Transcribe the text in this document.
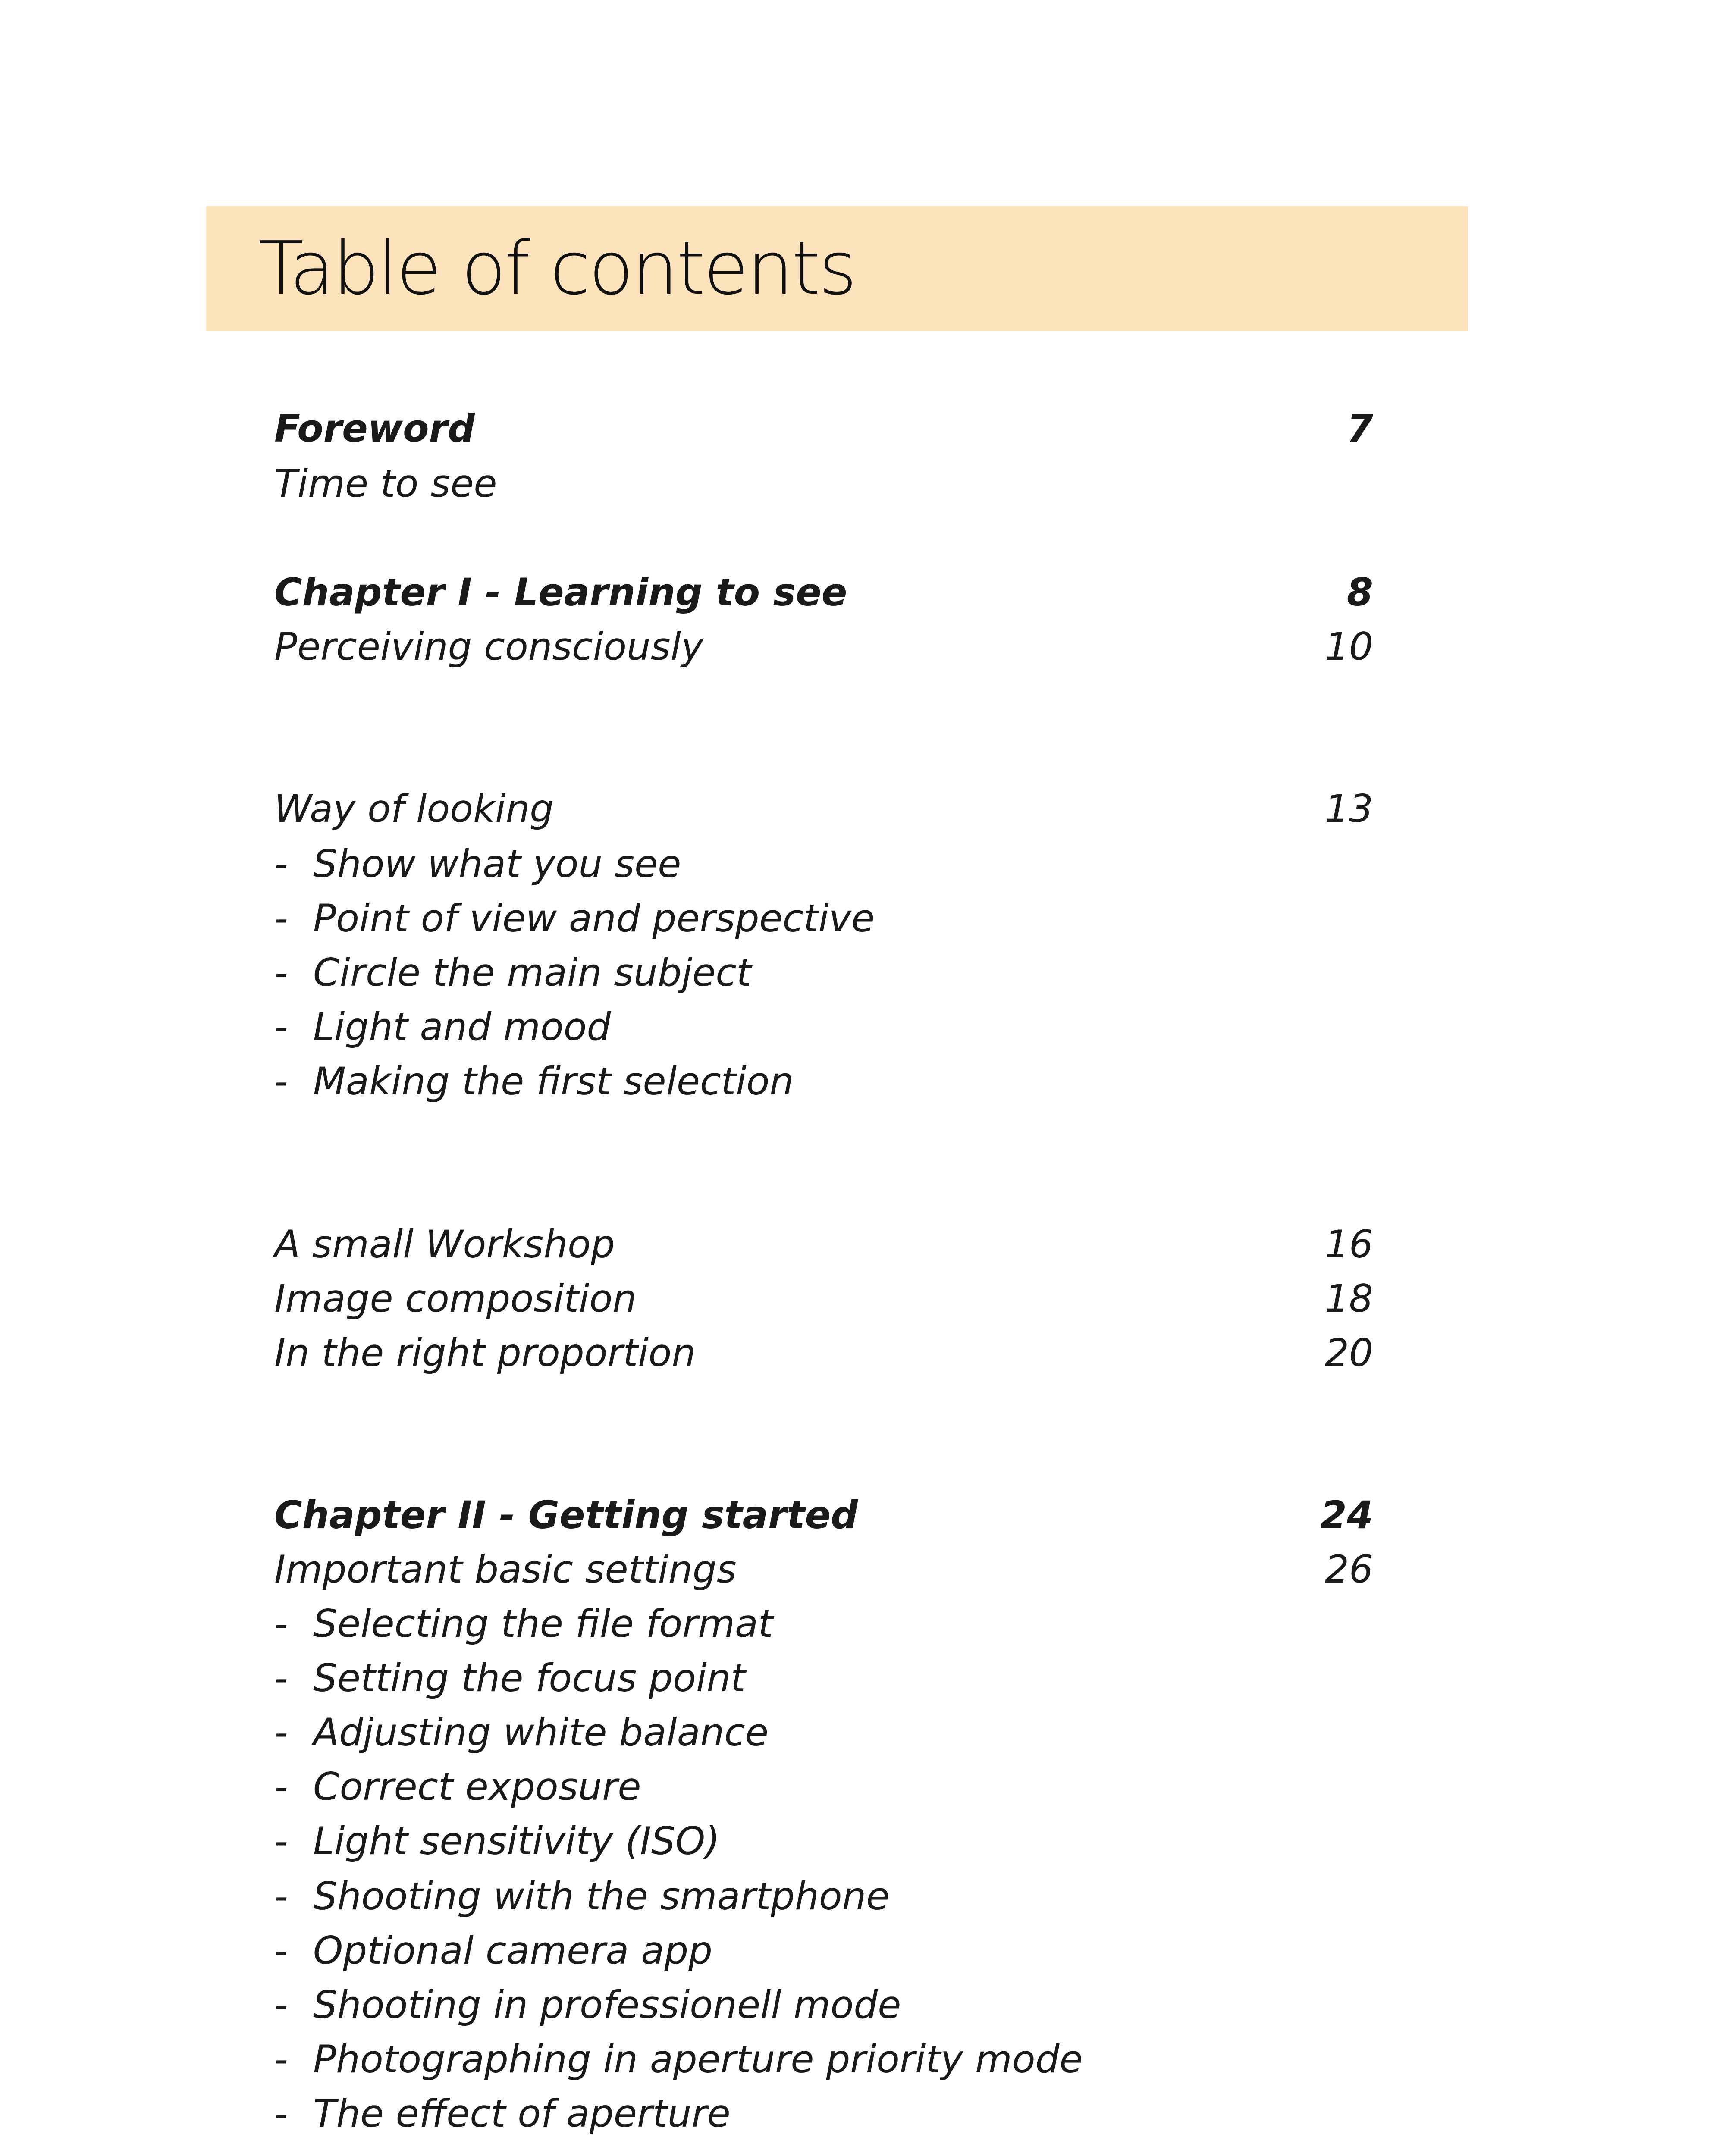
Table of contents
Foreword	7
Time to see
Chapter I - Learning to see	8
Perceiving consciously	10
Way of looking	13
- Show what you see
- Point of view and perspective
- Circle the main subject
- Light and mood
- Making the first selection
A small Workshop	16
Image composition	18
In the right proportion	20
Chapter II - Getting started	24
Important basic settings	26
- Selecting the file format
- Setting the focus point
- Adjusting white balance
- Correct exposure
- Light sensitivity (ISO)
- Shooting with the smartphone
- Optional camera app
- Shooting in professionell mode
- Photographing in aperture priority mode
- The effect of aperture
